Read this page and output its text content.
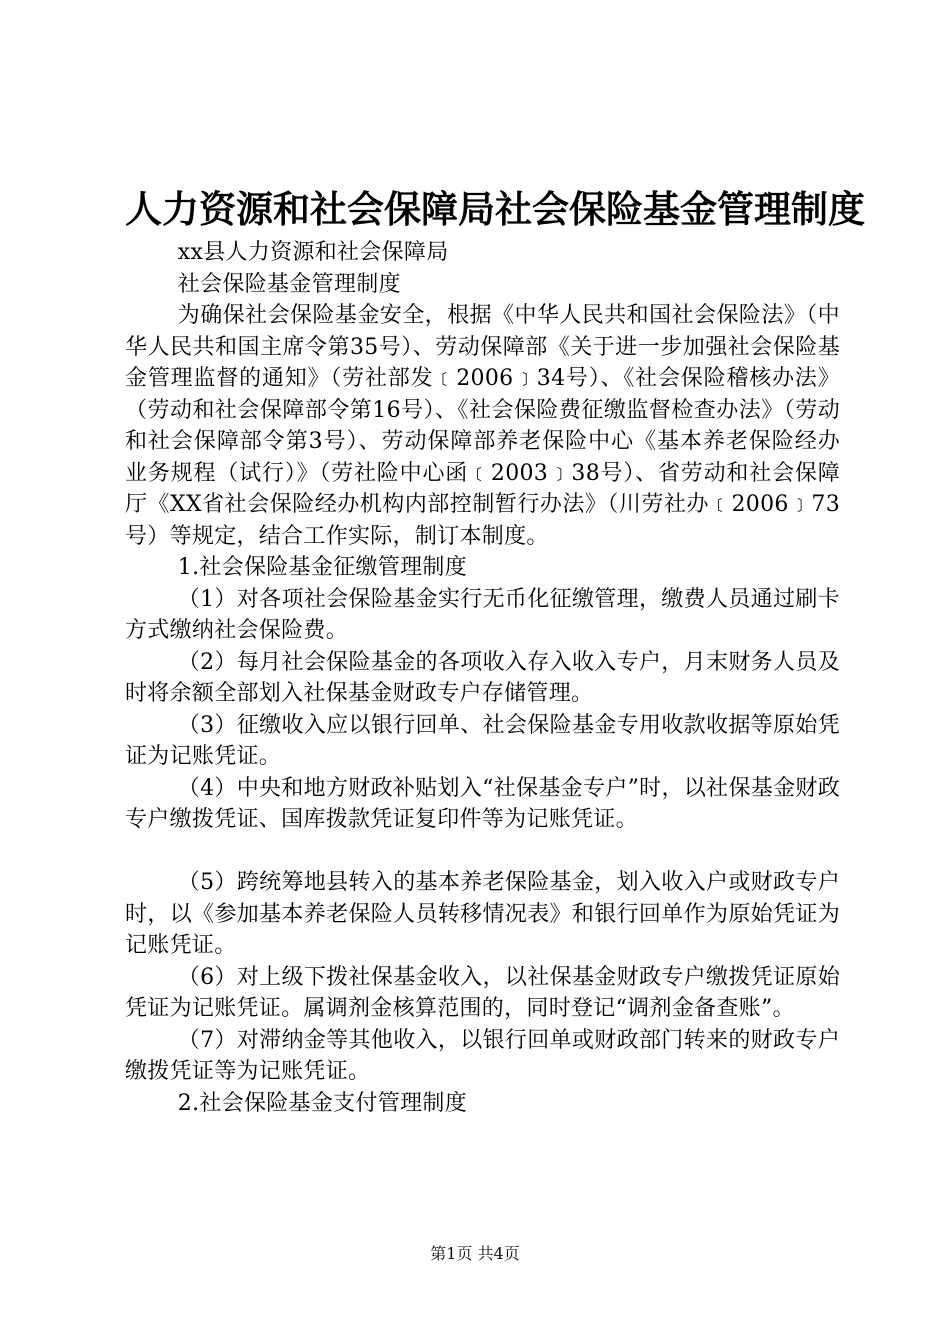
人力资源和社会保障局社会保险基金管理制度

xx县人力资源和社会保障局

社会保险基金管理制度

为确保社会保险基金安全，根据《中华人民共和国社会保险法》（中华人民共和国主席令第35号）、劳动保障部《关于进一步加强社会保险基金管理监督的通知》（劳社部发﹝2006﹞34号）、《社会保险稽核办法》（劳动和社会保障部令第16号）、《社会保险费征缴监督检查办法》（劳动和社会保障部令第3号）、劳动保障部养老保险中心《基本养老保险经办业务规程（试行）》（劳社险中心函﹝2003﹞38号）、省劳动和社会保障厅《XX省社会保险经办机构内部控制暂行办法》（川劳社办﹝2006﹞73号）等规定，结合工作实际，制订本制度。

1.社会保险基金征缴管理制度

（1）对各项社会保险基金实行无币化征缴管理，缴费人员通过刷卡方式缴纳社会保险费。

（2）每月社会保险基金的各项收入存入收入专户，月末财务人员及时将余额全部划入社保基金财政专户存储管理。

（3）征缴收入应以银行回单、社会保险基金专用收款收据等原始凭证为记账凭证。

（4）中央和地方财政补贴划入“社保基金专户”时，以社保基金财政专户缴拨凭证、国库拨款凭证复印件等为记账凭证。

（5）跨统筹地县转入的基本养老保险基金，划入收入户或财政专户时，以《参加基本养老保险人员转移情况表》和银行回单作为原始凭证为记账凭证。

（6）对上级下拨社保基金收入，以社保基金财政专户缴拨凭证原始凭证为记账凭证。属调剂金核算范围的，同时登记“调剂金备查账”。

（7）对滞纳金等其他收入，以银行回单或财政部门转来的财政专户缴拨凭证等为记账凭证。

2.社会保险基金支付管理制度

第1页 共4页
